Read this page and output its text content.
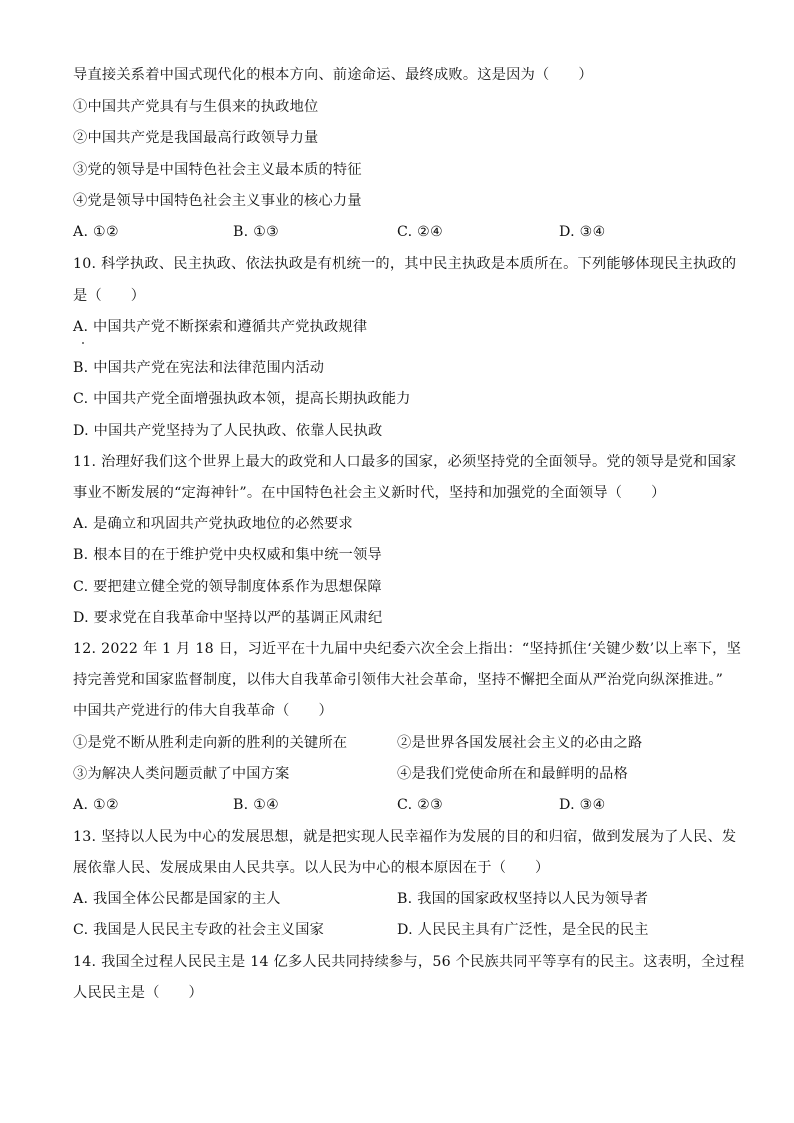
导直接关系着中国式现代化的根本方向、前途命运、最终成败。这是因为（　　）
①中国共产党具有与生俱来的执政地位
②中国共产党是我国最高行政领导力量
③党的领导是中国特色社会主义最本质的特征
④党是领导中国特色社会主义事业的核心力量
A. ①②	B. ①③	C. ②④	D. ③④
10. 科学执政、民主执政、依法执政是有机统一的，其中民主执政是本质所在。下列能够体现民主执政的
是（　　）
A. 中国共产党不断探索和遵循共产党执政规律
B. 中国共产党在宪法和法律范围内活动
C. 中国共产党全面增强执政本领，提高长期执政能力
D. 中国共产党坚持为了人民执政、依靠人民执政
11. 治理好我们这个世界上最大的政党和人口最多的国家，必须坚持党的全面领导。党的领导是党和国家
事业不断发展的“定海神针”。在中国特色社会主义新时代，坚持和加强党的全面领导（　　）
A. 是确立和巩固共产党执政地位的必然要求
B. 根本目的在于维护党中央权威和集中统一领导
C. 要把建立健全党的领导制度体系作为思想保障
D. 要求党在自我革命中坚持以严的基调正风肃纪
12. 2022 年 1 月 18 日，习近平在十九届中央纪委六次全会上指出：“坚持抓住‘关键少数’以上率下，坚
持完善党和国家监督制度，以伟大自我革命引领伟大社会革命，坚持不懈把全面从严治党向纵深推进。”
中国共产党进行的伟大自我革命（　　）
①是党不断从胜利走向新的胜利的关键所在	②是世界各国发展社会主义的必由之路
③为解决人类问题贡献了中国方案	④是我们党使命所在和最鲜明的品格
A. ①②	B. ①④	C. ②③	D. ③④
13. 坚持以人民为中心的发展思想，就是把实现人民幸福作为发展的目的和归宿，做到发展为了人民、发
展依靠人民、发展成果由人民共享。以人民为中心的根本原因在于（　　）
A. 我国全体公民都是国家的主人	B. 我国的国家政权坚持以人民为领导者
C. 我国是人民民主专政的社会主义国家	D. 人民民主具有广泛性，是全民的民主
14. 我国全过程人民民主是 14 亿多人民共同持续参与，56 个民族共同平等享有的民主。这表明，全过程
人民民主是（　　）
